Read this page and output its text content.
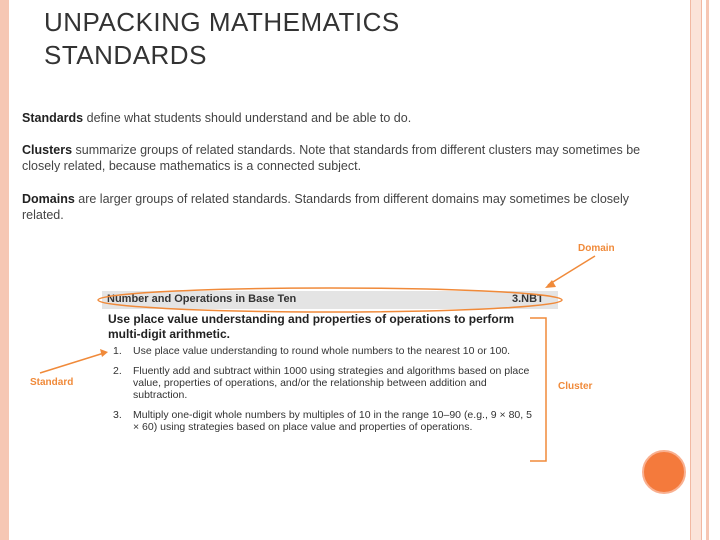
UNPACKING MATHEMATICS
STANDARDS

Standards define what students should understand and be able to do.

Clusters summarize groups of related standards. Note that standards from different clusters may sometimes be closely related, because mathematics is a connected subject.

Domains are larger groups of related standards. Standards from different domains may sometimes be closely related.

Domain
Standard	Cluster
Number and Operations in Base Ten	3.NBT
Use place value understanding and properties of operations to perform multi-digit arithmetic.
1.	Use place value understanding to round whole numbers to the nearest 10 or 100.
2.	Fluently add and subtract within 1000 using strategies and algorithms based on place value, properties of operations, and/or the relationship between addition and subtraction.
3.	Multiply one-digit whole numbers by multiples of 10 in the range 10–90 (e.g., 9 × 80, 5 × 60) using strategies based on place value and properties of operations.
